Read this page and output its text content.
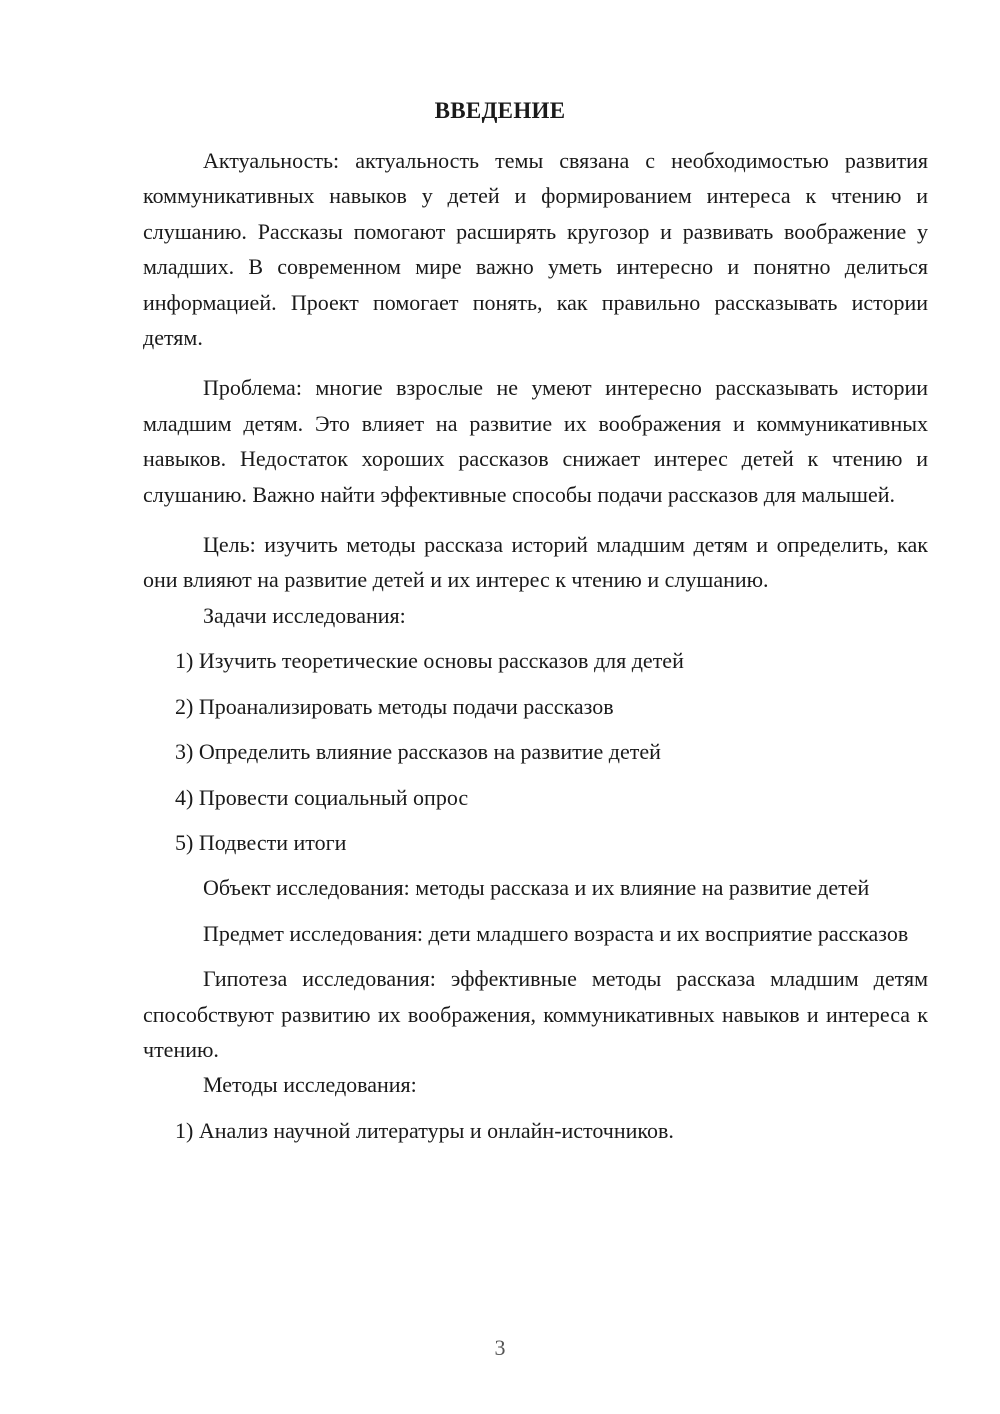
ВВЕДЕНИЕ

Актуальность: актуальность темы связана с необходимостью развития коммуникативных навыков у детей и формированием интереса к чтению и слушанию. Рассказы помогают расширять кругозор и развивать воображение у младших. В современном мире важно уметь интересно и понятно делиться информацией. Проект помогает понять, как правильно рассказывать истории детям.

Проблема: многие взрослые не умеют интересно рассказывать истории младшим детям. Это влияет на развитие их воображения и коммуникативных навыков. Недостаток хороших рассказов снижает интерес детей к чтению и слушанию. Важно найти эффективные способы подачи рассказов для малышей.

Цель: изучить методы рассказа историй младшим детям и определить, как они влияют на развитие детей и их интерес к чтению и слушанию.

Задачи исследования:

1) Изучить теоретические основы рассказов для детей

2) Проанализировать методы подачи рассказов

3) Определить влияние рассказов на развитие детей

4) Провести социальный опрос

5) Подвести итоги

Объект исследования: методы рассказа и их влияние на развитие детей

Предмет исследования: дети младшего возраста и их восприятие рассказов

Гипотеза исследования: эффективные методы рассказа младшим детям способствуют развитию их воображения, коммуникативных навыков и интереса к чтению.

Методы исследования:

1) Анализ научной литературы и онлайн-источников.

3
